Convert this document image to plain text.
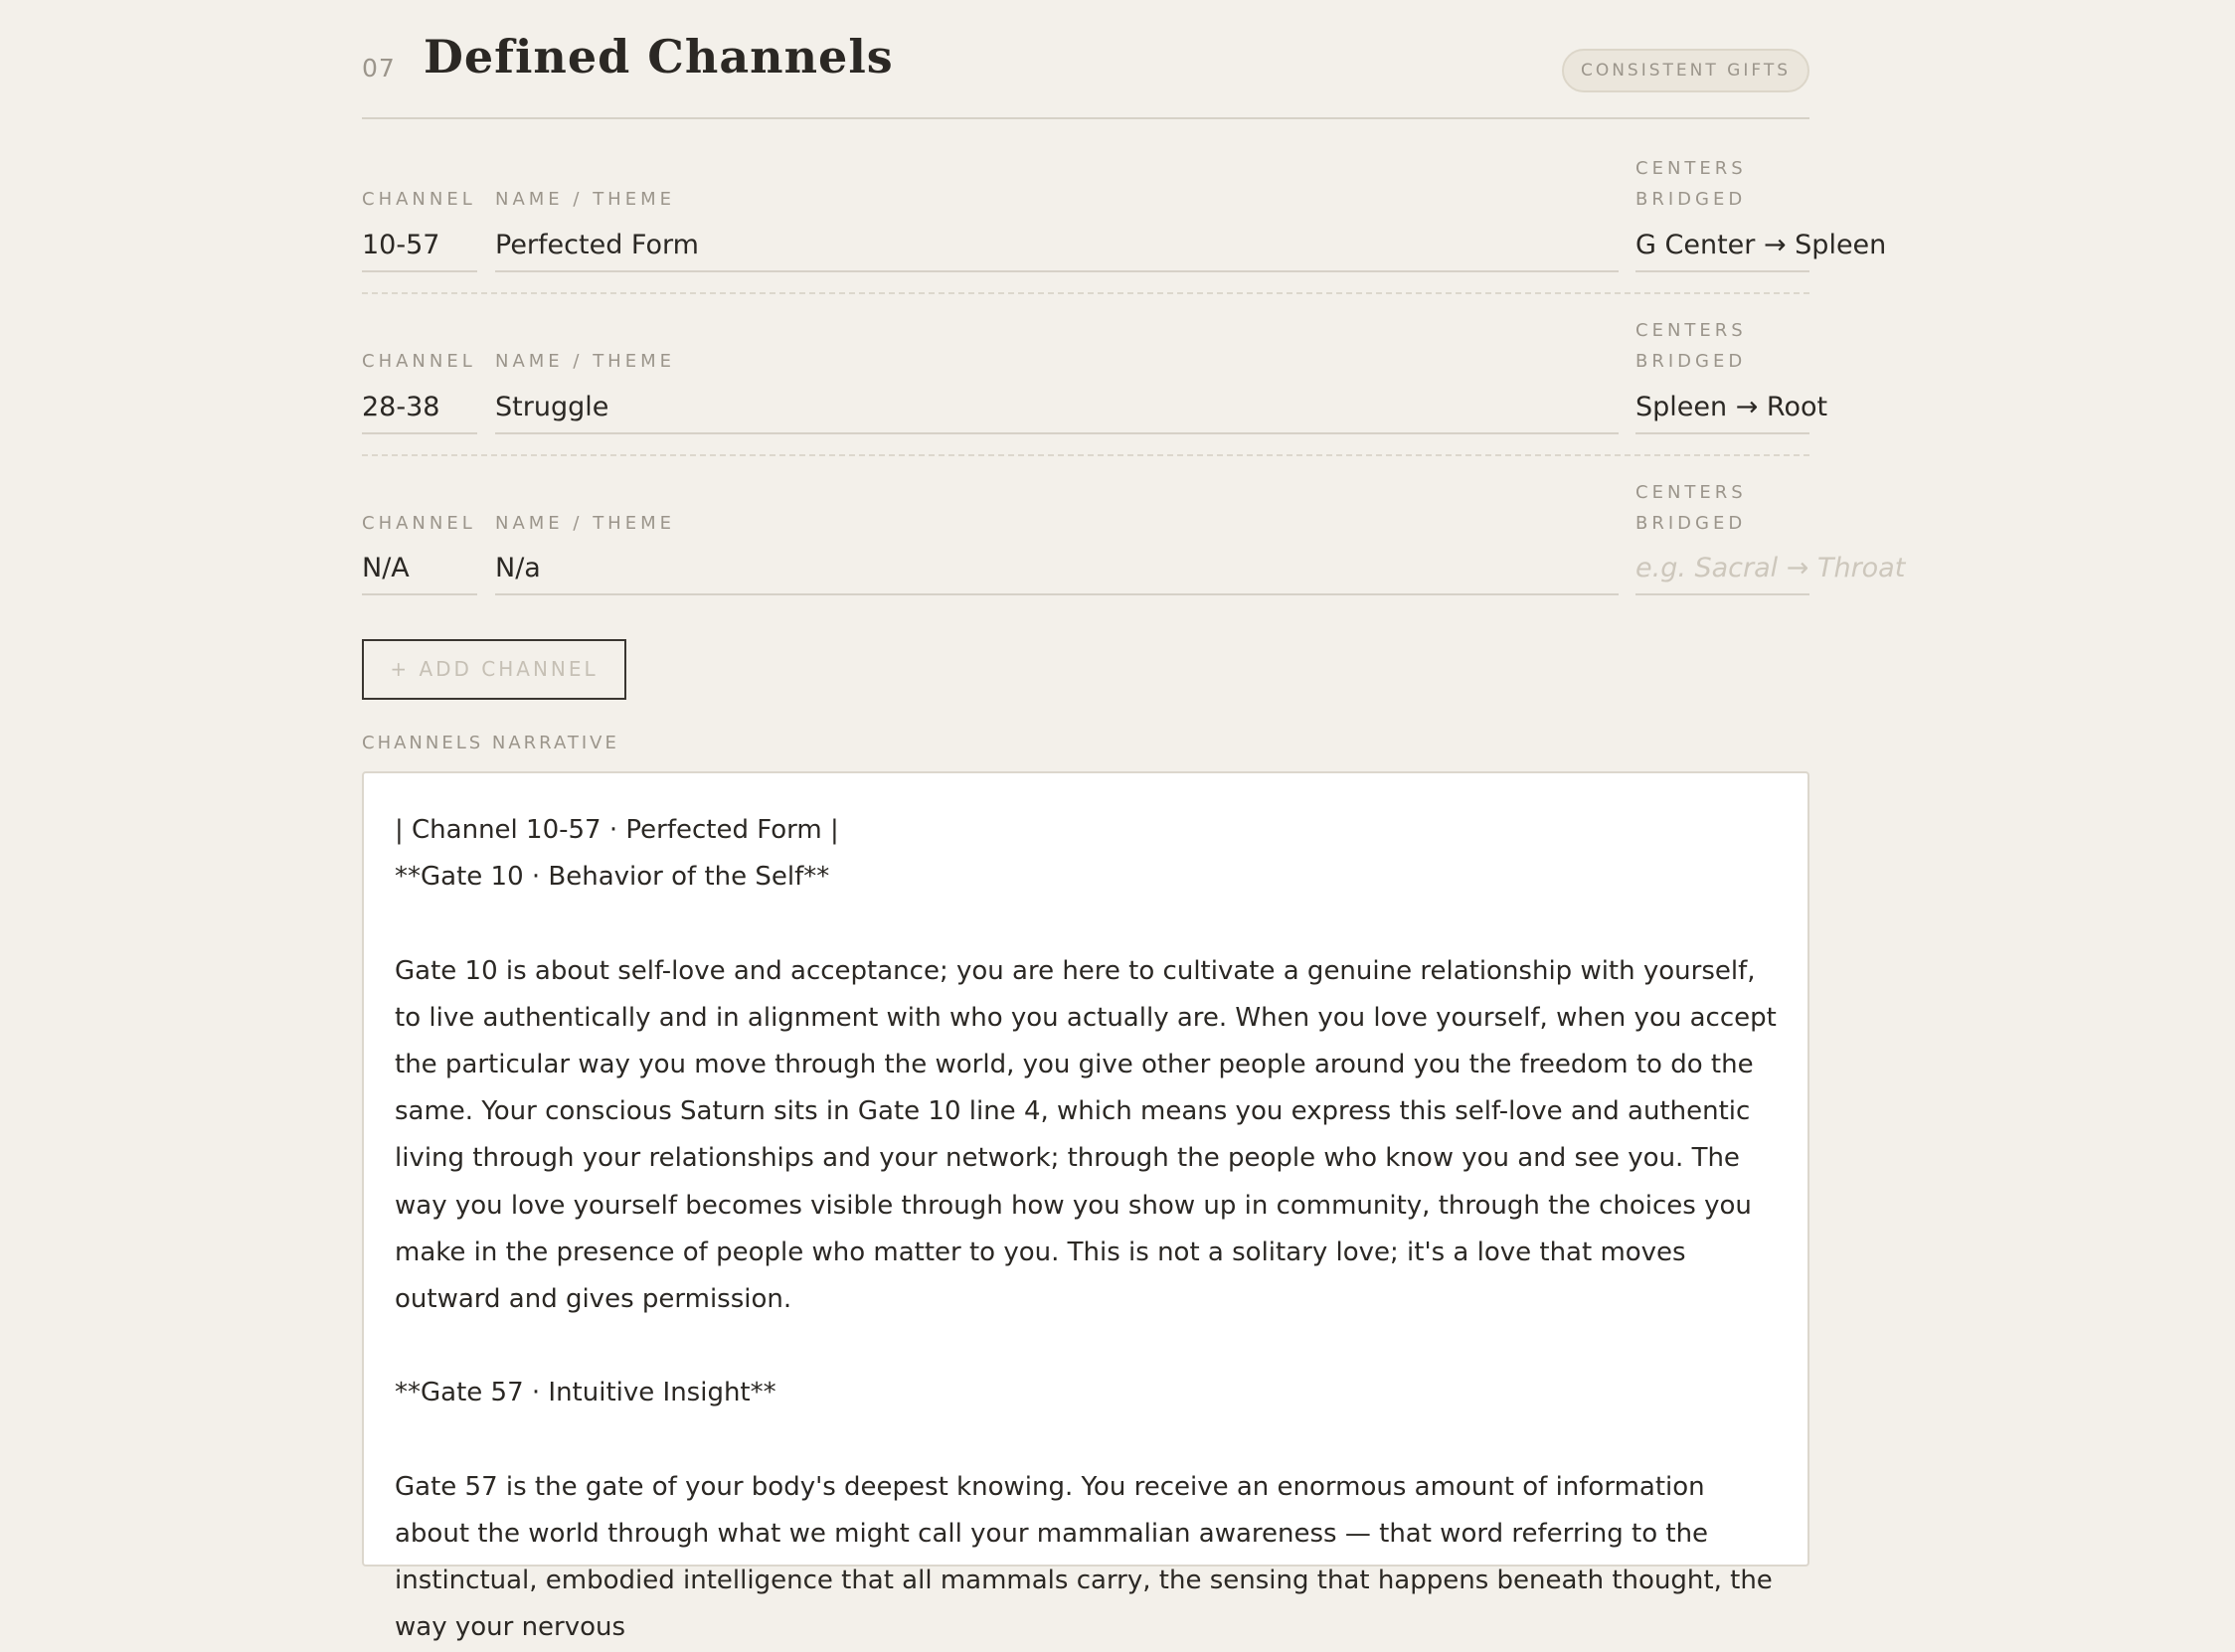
07 Defined Channels	CONSISTENT GIFTS
CHANNEL
10-57
NAME / THEME
Perfected Form
CENTERS
BRIDGED
G Center → Spleen
CHANNEL
28-38
NAME / THEME
Struggle
CENTERS
BRIDGED
Spleen → Root
CHANNEL
N/A
NAME / THEME
N/a
CENTERS
BRIDGED
e.g. Sacral → Throat
+ ADD CHANNEL
CHANNELS NARRATIVE

| Channel 10-57 · Perfected Form |

**Gate 10 · Behavior of the Self**

Gate 10 is about self-love and acceptance; you are here to cultivate a genuine relationship with yourself, to live authentically and in alignment with who you actually are. When you love yourself, when you accept the particular way you move through the world, you give other people around you the freedom to do the same. Your conscious Saturn sits in Gate 10 line 4, which means you express this self-love and authentic living through your relationships and your network; through the people who know you and see you. The way you love yourself becomes visible through how you show up in community, through the choices you make in the presence of people who matter to you. This is not a solitary love; it's a love that moves outward and gives permission.

**Gate 57 · Intuitive Insight**

Gate 57 is the gate of your body's deepest knowing. You receive an enormous amount of information about the world through what we might call your mammalian awareness — that word referring to the instinctual, embodied intelligence that all mammals carry, the sensing that happens beneath thought, the way your nervous
